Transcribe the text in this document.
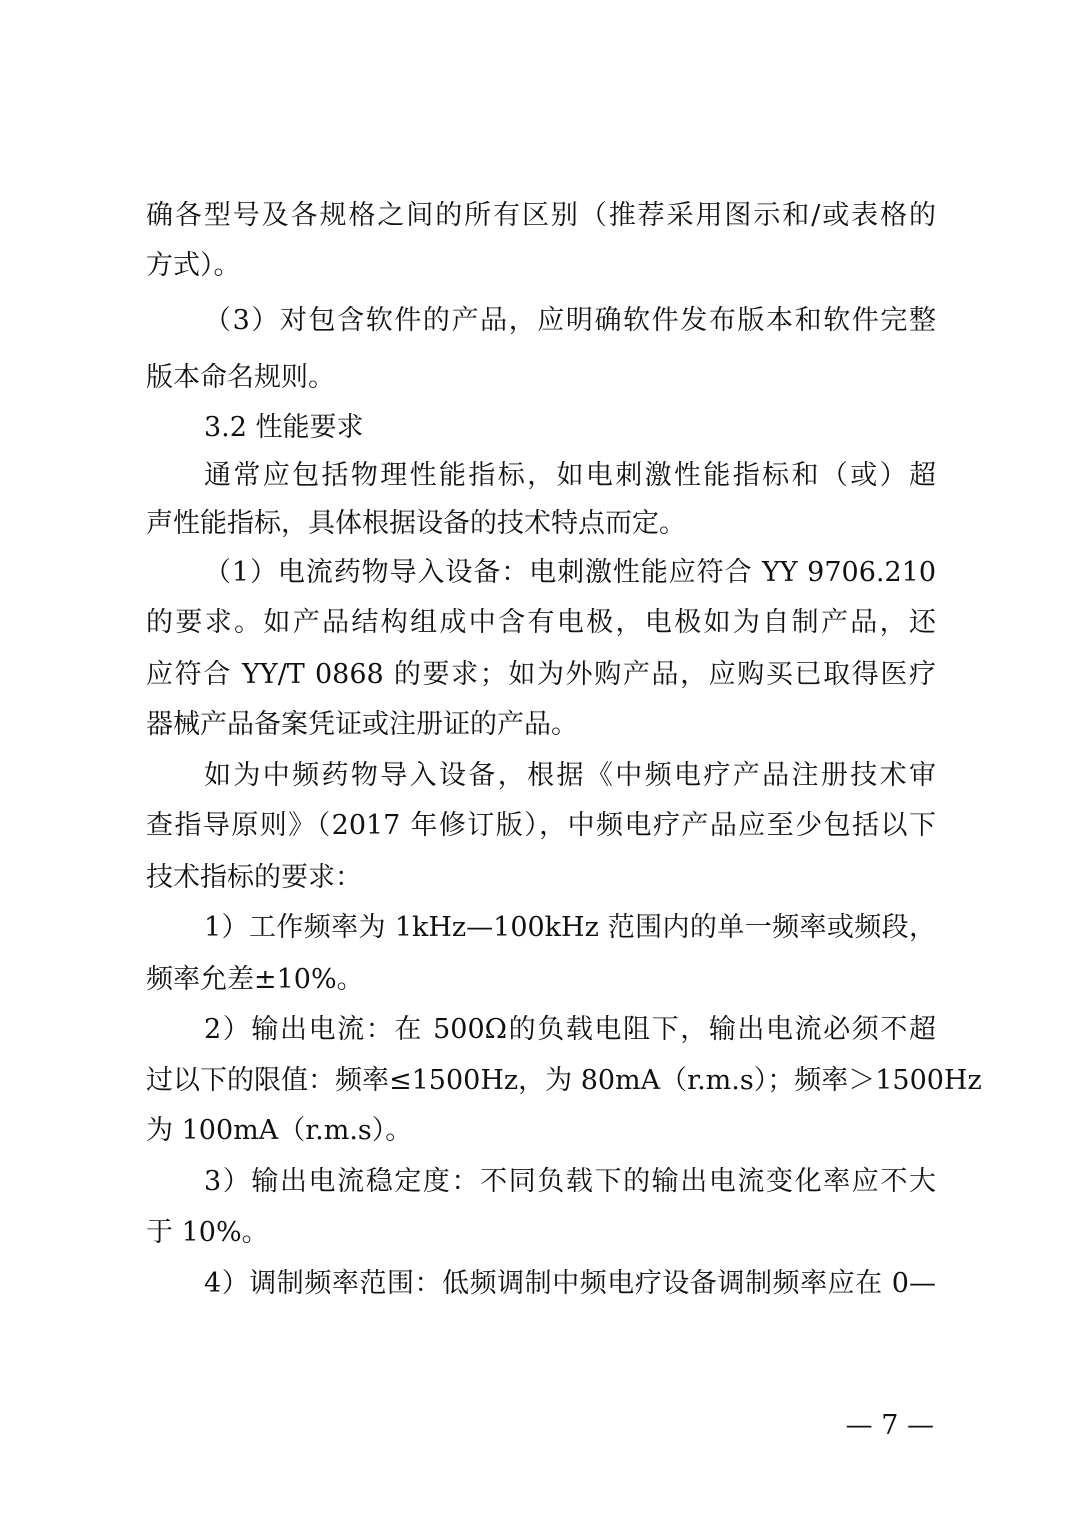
确各型号及各规格之间的所有区别（推荐采用图示和/或表格的
方式）。
（3）对包含软件的产品，应明确软件发布版本和软件完整
版本命名规则。
3.2 性能要求
通常应包括物理性能指标，如电刺激性能指标和（或）超
声性能指标，具体根据设备的技术特点而定。
（1）电流药物导入设备：电刺激性能应符合 YY 9706.210
的要求。如产品结构组成中含有电极，电极如为自制产品，还
应符合 YY/T 0868 的要求；如为外购产品，应购买已取得医疗
器械产品备案凭证或注册证的产品。
如为中频药物导入设备，根据《中频电疗产品注册技术审
查指导原则》（2017 年修订版），中频电疗产品应至少包括以下
技术指标的要求：
1）工作频率为 1kHz—100kHz 范围内的单一频率或频段，
频率允差±10%。
2）输出电流：在 500Ω的负载电阻下，输出电流必须不超
过以下的限值：频率≤1500Hz，为 80mA（r.m.s）；频率＞1500Hz
为 100mA（r.m.s）。
3）输出电流稳定度：不同负载下的输出电流变化率应不大
于 10%。
4）调制频率范围：低频调制中频电疗设备调制频率应在 0—
— 7 —
